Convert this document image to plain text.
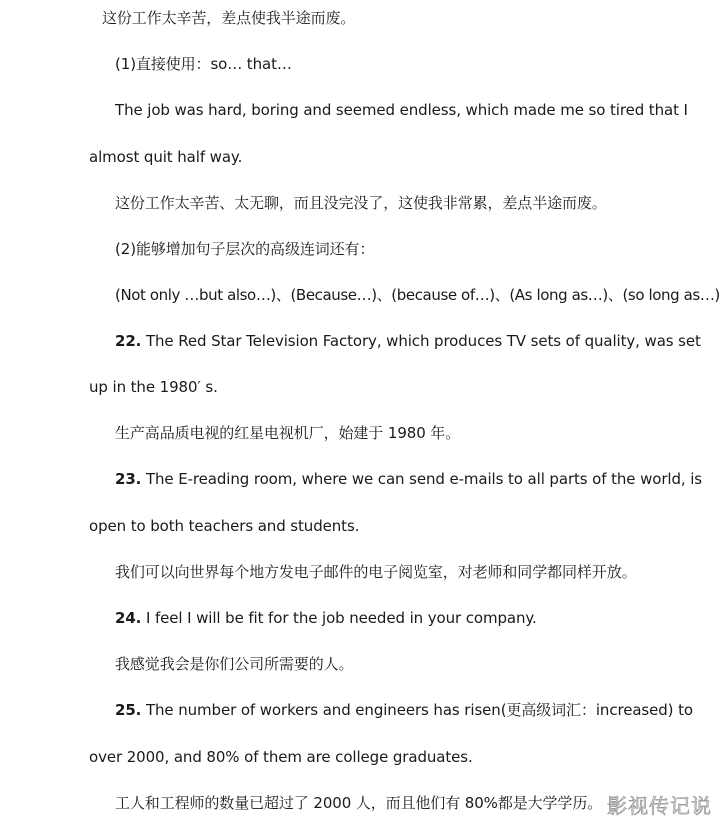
这份工作太辛苦，差点使我半途而废。
(1)直接使用：so… that…
The job was hard, boring and seemed endless, which made me so tired that I
almost quit half way.
这份工作太辛苦、太无聊，而且没完没了，这使我非常累，差点半途而废。
(2)能够增加句子层次的高级连词还有：
(Not only …but also…)、(Because…)、(because of…)、(As long as…)、(so long as…)
22. The Red Star Television Factory, which produces TV sets of quality, was set
up in the 1980′ s.
生产高品质电视的红星电视机厂，始建于 1980 年。
23. The E-reading room, where we can send e-mails to all parts of the world, is
open to both teachers and students.
我们可以向世界每个地方发电子邮件的电子阅览室，对老师和同学都同样开放。
24. I feel I will be fit for the job needed in your company.
我感觉我会是你们公司所需要的人。
25. The number of workers and engineers has risen(更高级词汇：increased) to
over 2000, and 80% of them are college graduates.
工人和工程师的数量已超过了 2000 人，而且他们有 80%都是大学学历。 影视传记说
